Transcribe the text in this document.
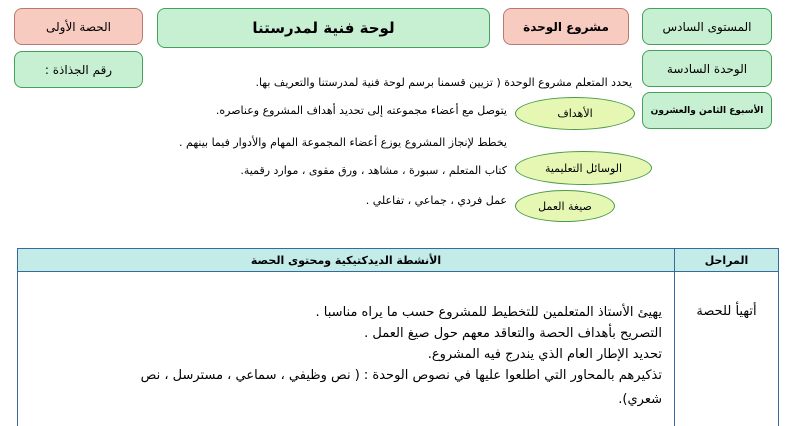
المستوى السادس
مشروع الوحدة
لوحة فنية لمدرستنا
الحصة الأولى
الوحدة السادسة
رقم الجذاذة :
الأسبوع الثامن والعشرون
يحدد المتعلم مشروع الوحدة ( تزيين قسمنا برسم لوحة فنية لمدرستنا والتعريف بها.
الأهداف
يتوصل مع أعضاء مجموعته إلى تحديد أهداف المشروع وعناصره.
يخطط لإنجاز المشروع يوزع أعضاء المجموعة المهام والأدوار فيما بينهم .
الوسائل التعليمية
كتاب المتعلم ، سبورة ، مشاهد ، ورق مقوى ، موارد رقمية.
صيغة العمل
عمل فردي ، جماعي ، تفاعلي .
الأنشطة الديدكتيكية ومحتوى الحصة	المراحل
أتهيأ للحصة
يهيئ الأستاذ المتعلمين للتخطيط للمشروع حسب ما يراه مناسبا .
التصريح بأهداف الحصة والتعاقد معهم حول صيغ العمل .
تحديد الإطار العام الذي يندرج فيه المشروع.
تذكيرهم بالمحاور التي اطلعوا عليها في نصوص الوحدة : ( نص وظيفي ، سماعي ، مسترسل ، نص
شعري).
